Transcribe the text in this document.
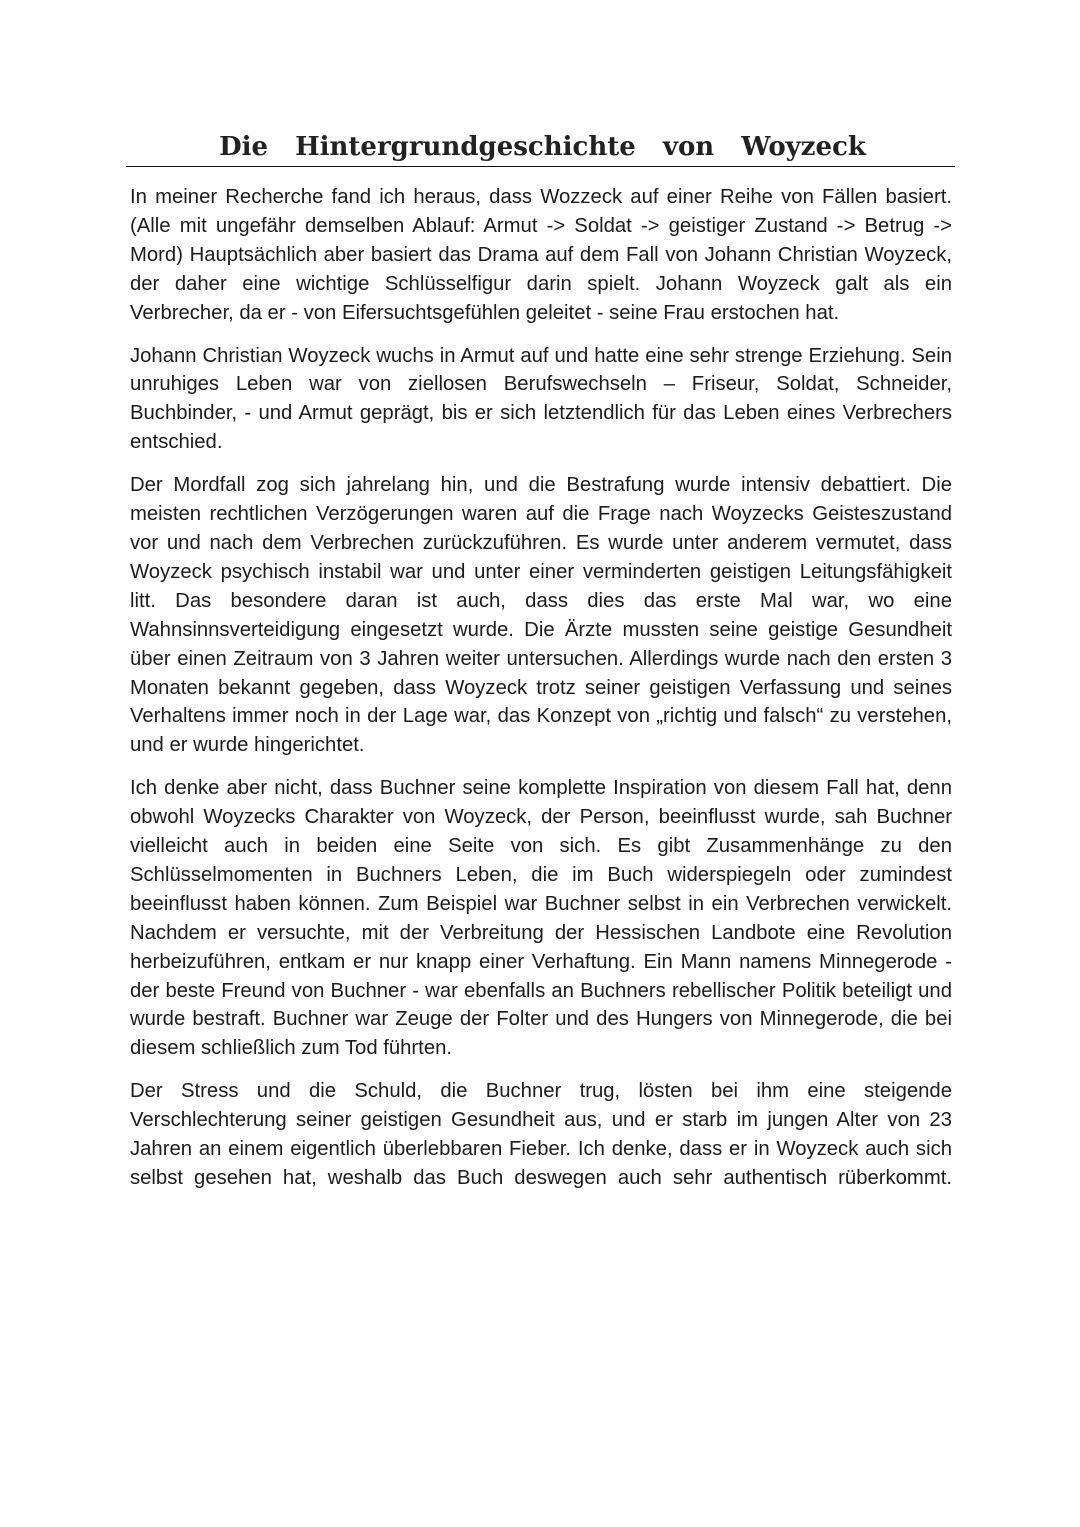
Die Hintergrundgeschichte von Woyzeck

In meiner Recherche fand ich heraus, dass Wozzeck auf einer Reihe von Fällen basiert. (Alle mit ungefähr demselben Ablauf: Armut -> Soldat -> geistiger Zustand -> Betrug -> Mord) Hauptsächlich aber basiert das Drama auf dem Fall von Johann Christian Woyzeck, der daher eine wichtige Schlüsselfigur darin spielt. Johann Woyzeck galt als ein Verbrecher, da er - von Eifersuchtsgefühlen geleitet - seine Frau erstochen hat.

Johann Christian Woyzeck wuchs in Armut auf und hatte eine sehr strenge Erziehung. Sein unruhiges Leben war von ziellosen Berufswechseln – Friseur, Soldat, Schneider, Buchbinder, - und Armut geprägt, bis er sich letztendlich für das Leben eines Verbrechers entschied.

Der Mordfall zog sich jahrelang hin, und die Bestrafung wurde intensiv debattiert. Die meisten rechtlichen Verzögerungen waren auf die Frage nach Woyzecks Geisteszustand vor und nach dem Verbrechen zurückzuführen. Es wurde unter anderem vermutet, dass Woyzeck psychisch instabil war und unter einer verminderten geistigen Leitungsfähigkeit litt. Das besondere daran ist auch, dass dies das erste Mal war, wo eine Wahnsinnsverteidigung eingesetzt wurde. Die Ärzte mussten seine geistige Gesundheit über einen Zeitraum von 3 Jahren weiter untersuchen. Allerdings wurde nach den ersten 3 Monaten bekannt gegeben, dass Woyzeck trotz seiner geistigen Verfassung und seines Verhaltens immer noch in der Lage war, das Konzept von „richtig und falsch“ zu verstehen, und er wurde hingerichtet.

Ich denke aber nicht, dass Buchner seine komplette Inspiration von diesem Fall hat, denn obwohl Woyzecks Charakter von Woyzeck, der Person, beeinflusst wurde, sah Buchner vielleicht auch in beiden eine Seite von sich. Es gibt Zusammenhänge zu den Schlüsselmomenten in Buchners Leben, die im Buch widerspiegeln oder zumindest beeinflusst haben können. Zum Beispiel war Buchner selbst in ein Verbrechen verwickelt. Nachdem er versuchte, mit der Verbreitung der Hessischen Landbote eine Revolution herbeizuführen, entkam er nur knapp einer Verhaftung. Ein Mann namens Minnegerode - der beste Freund von Buchner - war ebenfalls an Buchners rebellischer Politik beteiligt und wurde bestraft. Buchner war Zeuge der Folter und des Hungers von Minnegerode, die bei diesem schließlich zum Tod führten.

Der Stress und die Schuld, die Buchner trug, lösten bei ihm eine steigende Verschlechterung seiner geistigen Gesundheit aus, und er starb im jungen Alter von 23 Jahren an einem eigentlich überlebbaren Fieber. Ich denke, dass er in Woyzeck auch sich selbst gesehen hat, weshalb das Buch deswegen auch sehr authentisch rüberkommt.
